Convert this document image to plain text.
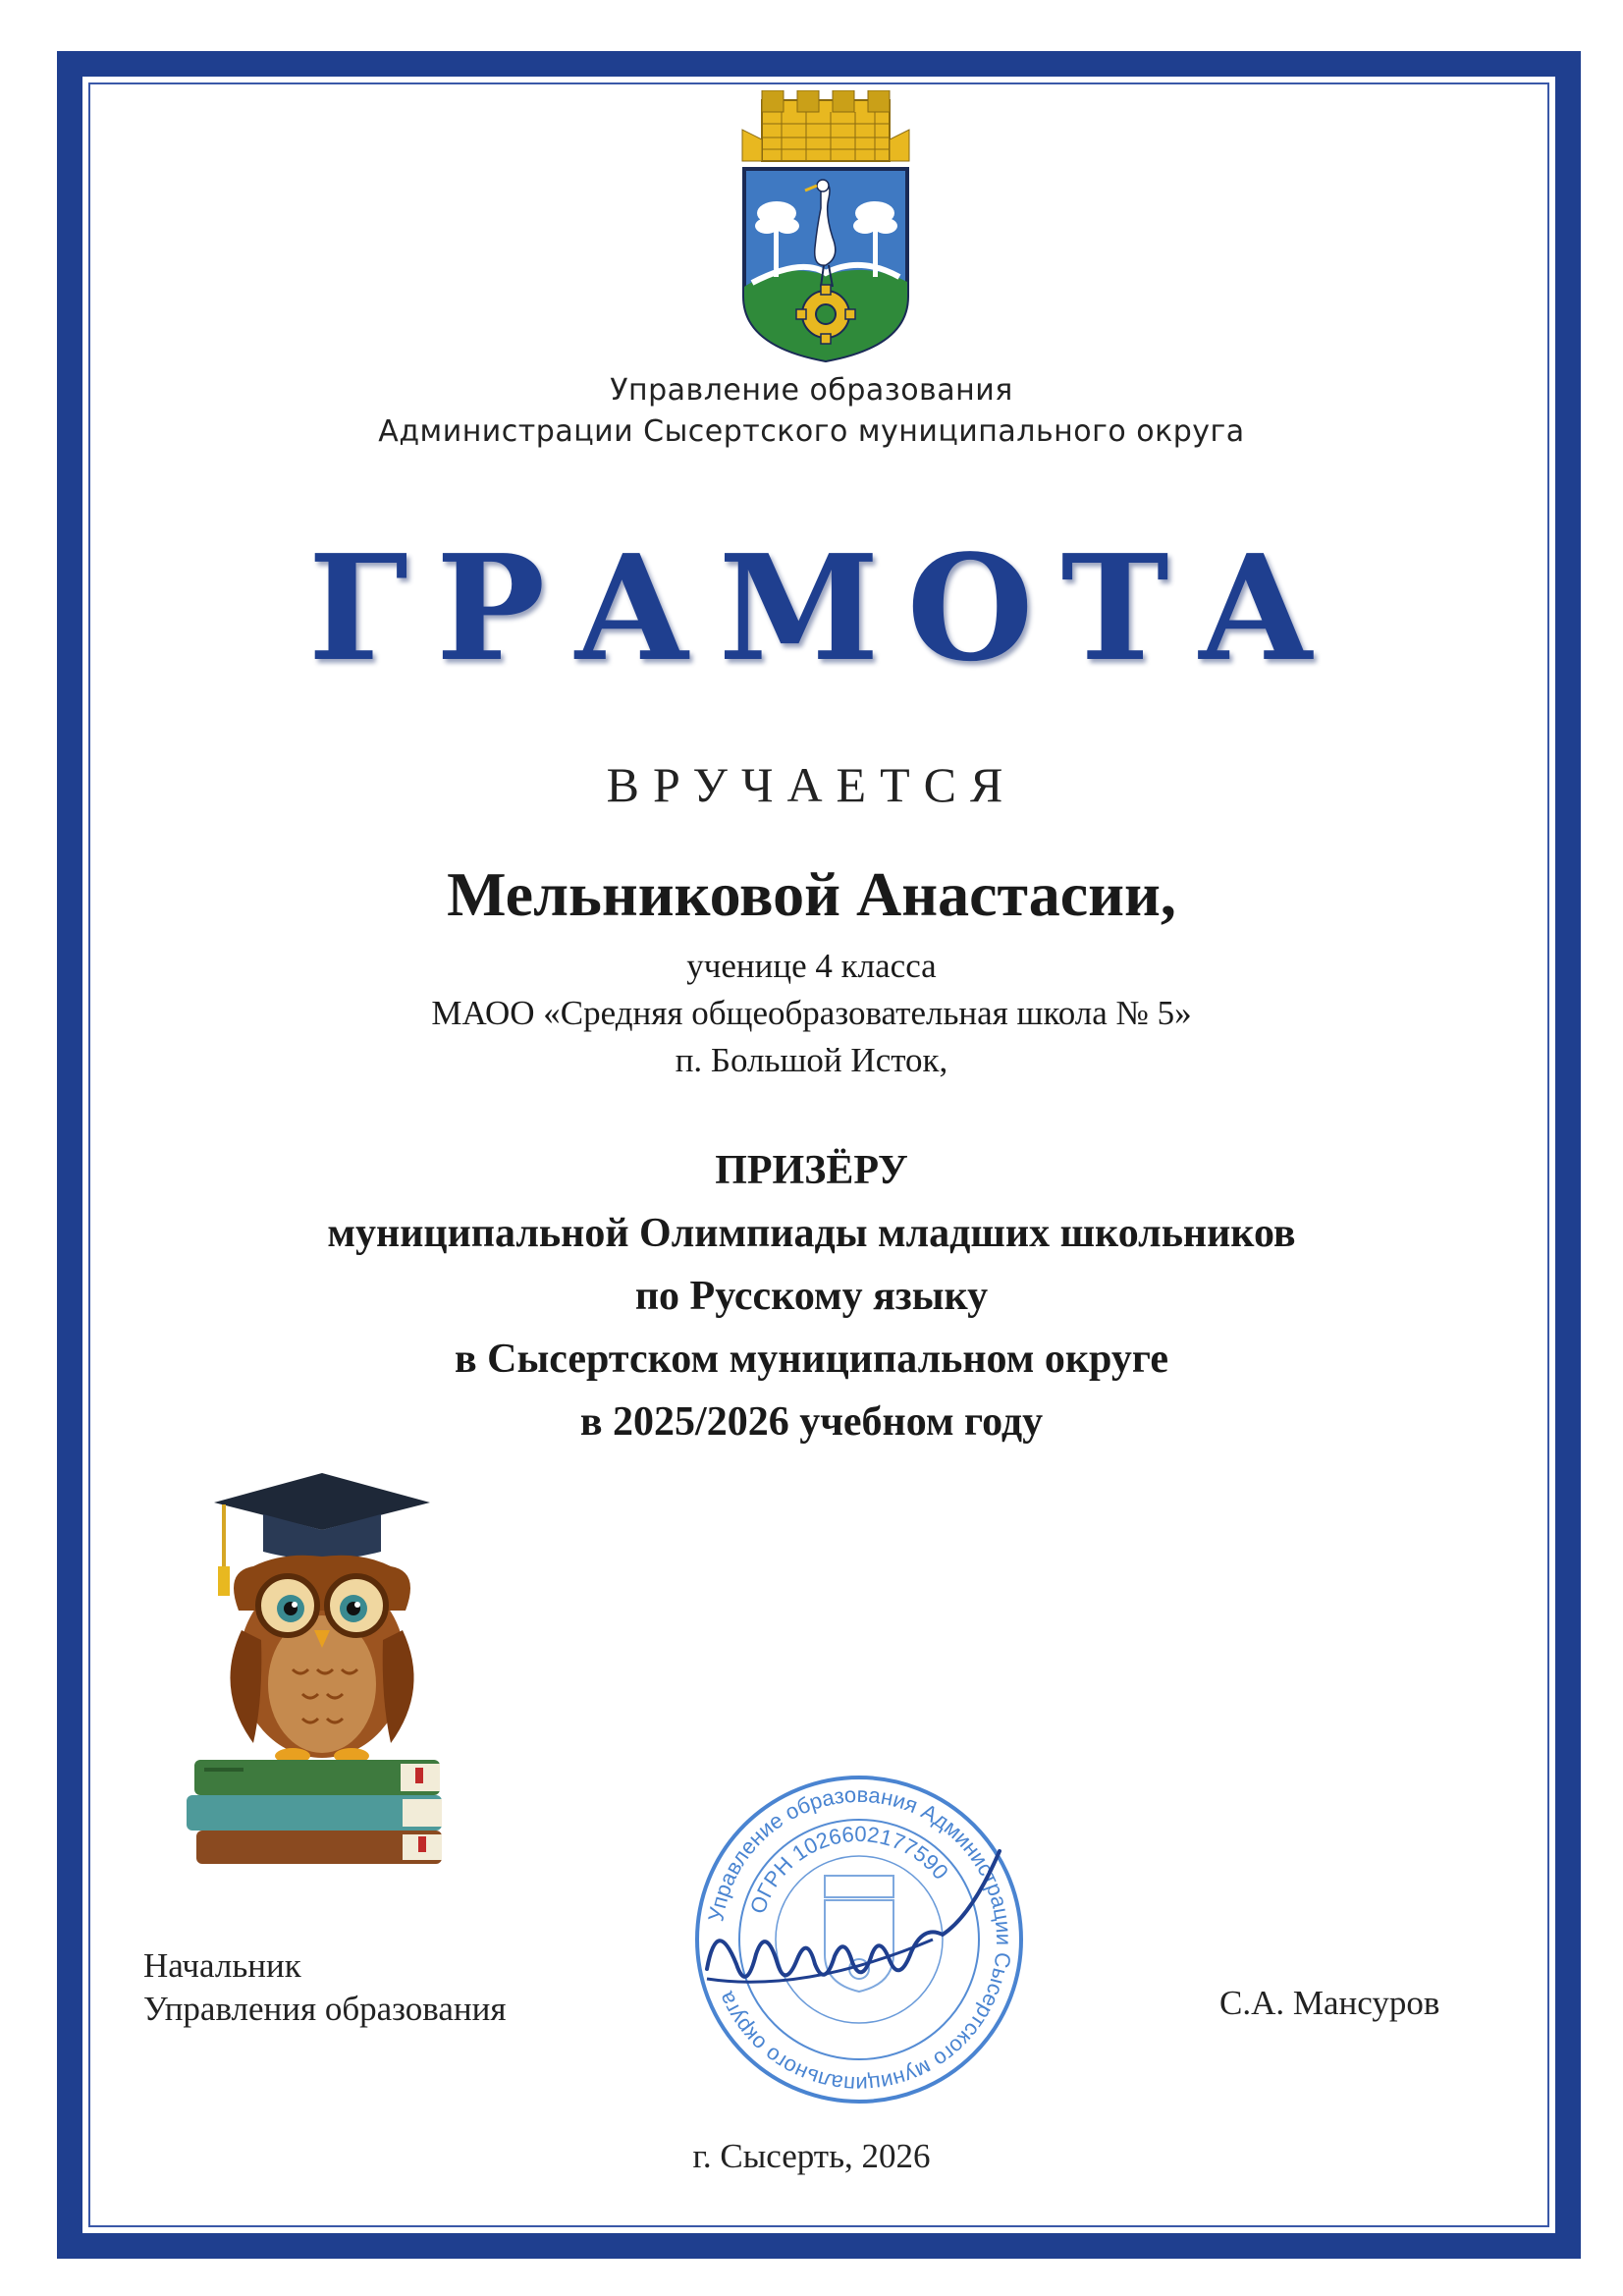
Управление образования
Администрации Сысертского муниципального округа
ГРАМОТА
ВРУЧАЕТСЯ
Мельниковой Анастасии,
ученице 4 класса
МАОО «Средняя общеобразовательная школа № 5»
п. Большой Исток,
ПРИЗЁРУ
муниципальной Олимпиады младших школьников
по Русскому языку
в Сысертском муниципальном округе
в 2025/2026 учебном году
Управление образования Администрации Сысертского муниципального округа
ОГРН 1026602177590
Начальник
Управления образования	С.А. Мансуров
г. Сысерть, 2026
